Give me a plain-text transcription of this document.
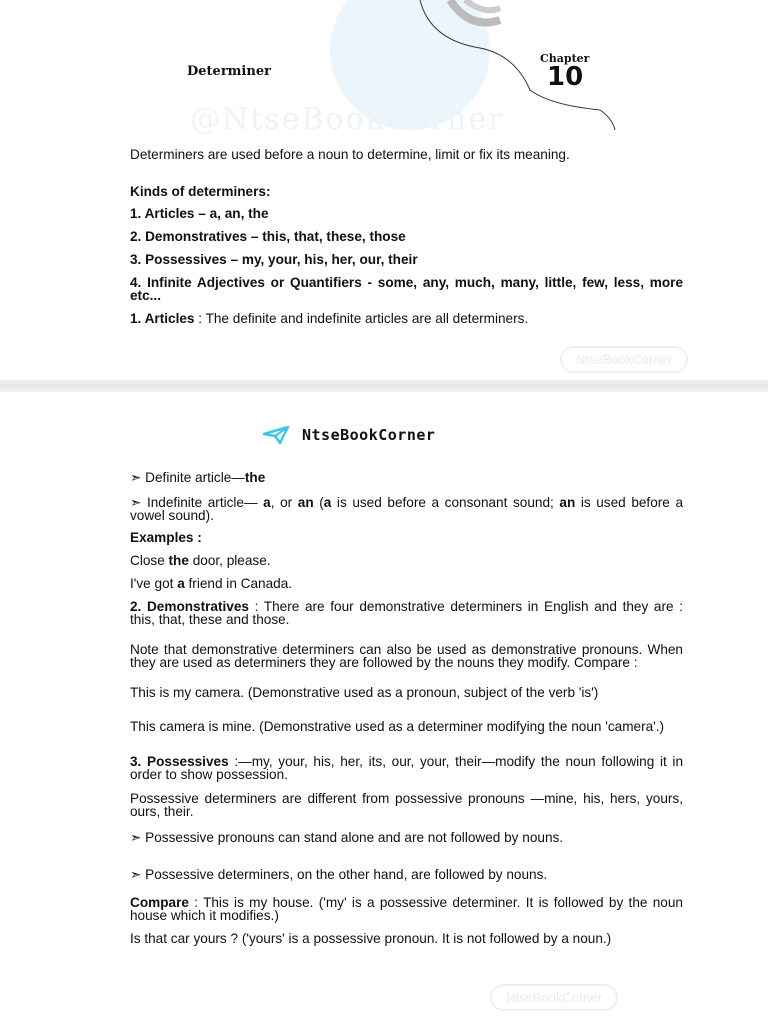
@NtseBookCorner
NtseBookCorner
Determiner
Chapter
10
Determiners are used before a noun to determine, limit or fix its meaning.
Kinds of determiners:
1. Articles – a, an, the
2. Demonstratives – this, that, these, those
3. Possessives – my, your, his, her, our, their
4. Infinite Adjectives or Quantifiers - some, any, much, many, little, few, less, more etc...
1. Articles : The definite and indefinite articles are all determiners.
NtseBookCorner
NtseBookCorner
➣ Definite article—the
➣ Indefinite article— a, or an (a is used before a consonant sound; an is used before a vowel sound).
Examples :
Close the door, please.
I've got a friend in Canada.
2. Demonstratives : There are four demonstrative determiners in English and they are : this, that, these and those.
Note that demonstrative determiners can also be used as demonstrative pronouns. When they are used as determiners they are followed by the nouns they modify. Compare :
This is my camera. (Demonstrative used as a pronoun, subject of the verb 'is')
This camera is mine. (Demonstrative used as a determiner modifying the noun 'camera'.)
3. Possessives :—my, your, his, her, its, our, your, their—modify the noun following it in order to show possession.
Possessive determiners are different from possessive pronouns —mine, his, hers, yours, ours, their.
➣ Possessive pronouns can stand alone and are not followed by nouns.
➣ Possessive determiners, on the other hand, are followed by nouns.
Compare : This is my house. ('my' is a possessive determiner. It is followed by the noun house which it modifies.)
Is that car yours ? ('yours' is a possessive pronoun. It is not followed by a noun.)
